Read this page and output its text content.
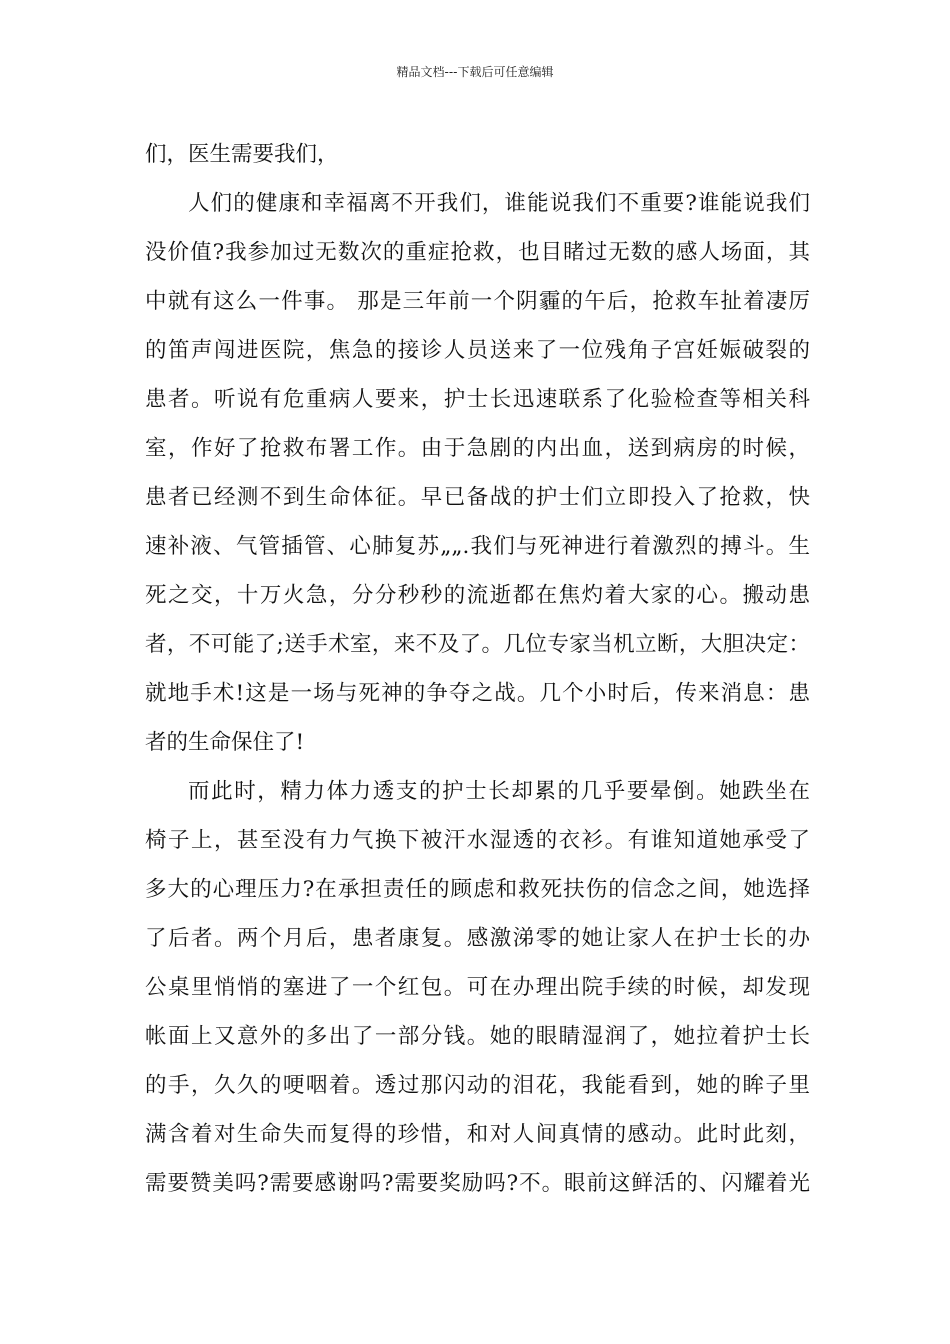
精品文档---下载后可任意编辑
们，医生需要我们，
人们的健康和幸福离不开我们，谁能说我们不重要?谁能说我们
没价值?我参加过无数次的重症抢救，也目睹过无数的感人场面，其
中就有这么一件事。 那是三年前一个阴霾的午后，抢救车扯着凄厉
的笛声闯进医院，焦急的接诊人员送来了一位残角子宫妊娠破裂的
患者。听说有危重病人要来，护士长迅速联系了化验检查等相关科
室，作好了抢救布署工作。由于急剧的内出血，送到病房的时候，
患者已经测不到生命体征。早已备战的护士们立即投入了抢救，快
速补液、气管插管、心肺复苏„„.我们与死神进行着激烈的搏斗。生
死之交，十万火急，分分秒秒的流逝都在焦灼着大家的心。搬动患
者，不可能了;送手术室，来不及了。几位专家当机立断，大胆决定：
就地手术!这是一场与死神的争夺之战。几个小时后，传来消息：患
者的生命保住了!
而此时，精力体力透支的护士长却累的几乎要晕倒。她跌坐在
椅子上，甚至没有力气换下被汗水湿透的衣衫。有谁知道她承受了
多大的心理压力?在承担责任的顾虑和救死扶伤的信念之间，她选择
了后者。两个月后，患者康复。感激涕零的她让家人在护士长的办
公桌里悄悄的塞进了一个红包。可在办理出院手续的时候，却发现
帐面上又意外的多出了一部分钱。她的眼睛湿润了，她拉着护士长
的手，久久的哽咽着。透过那闪动的泪花，我能看到，她的眸子里
满含着对生命失而复得的珍惜，和对人间真情的感动。此时此刻，
需要赞美吗?需要感谢吗?需要奖励吗?不。眼前这鲜活的、闪耀着光
